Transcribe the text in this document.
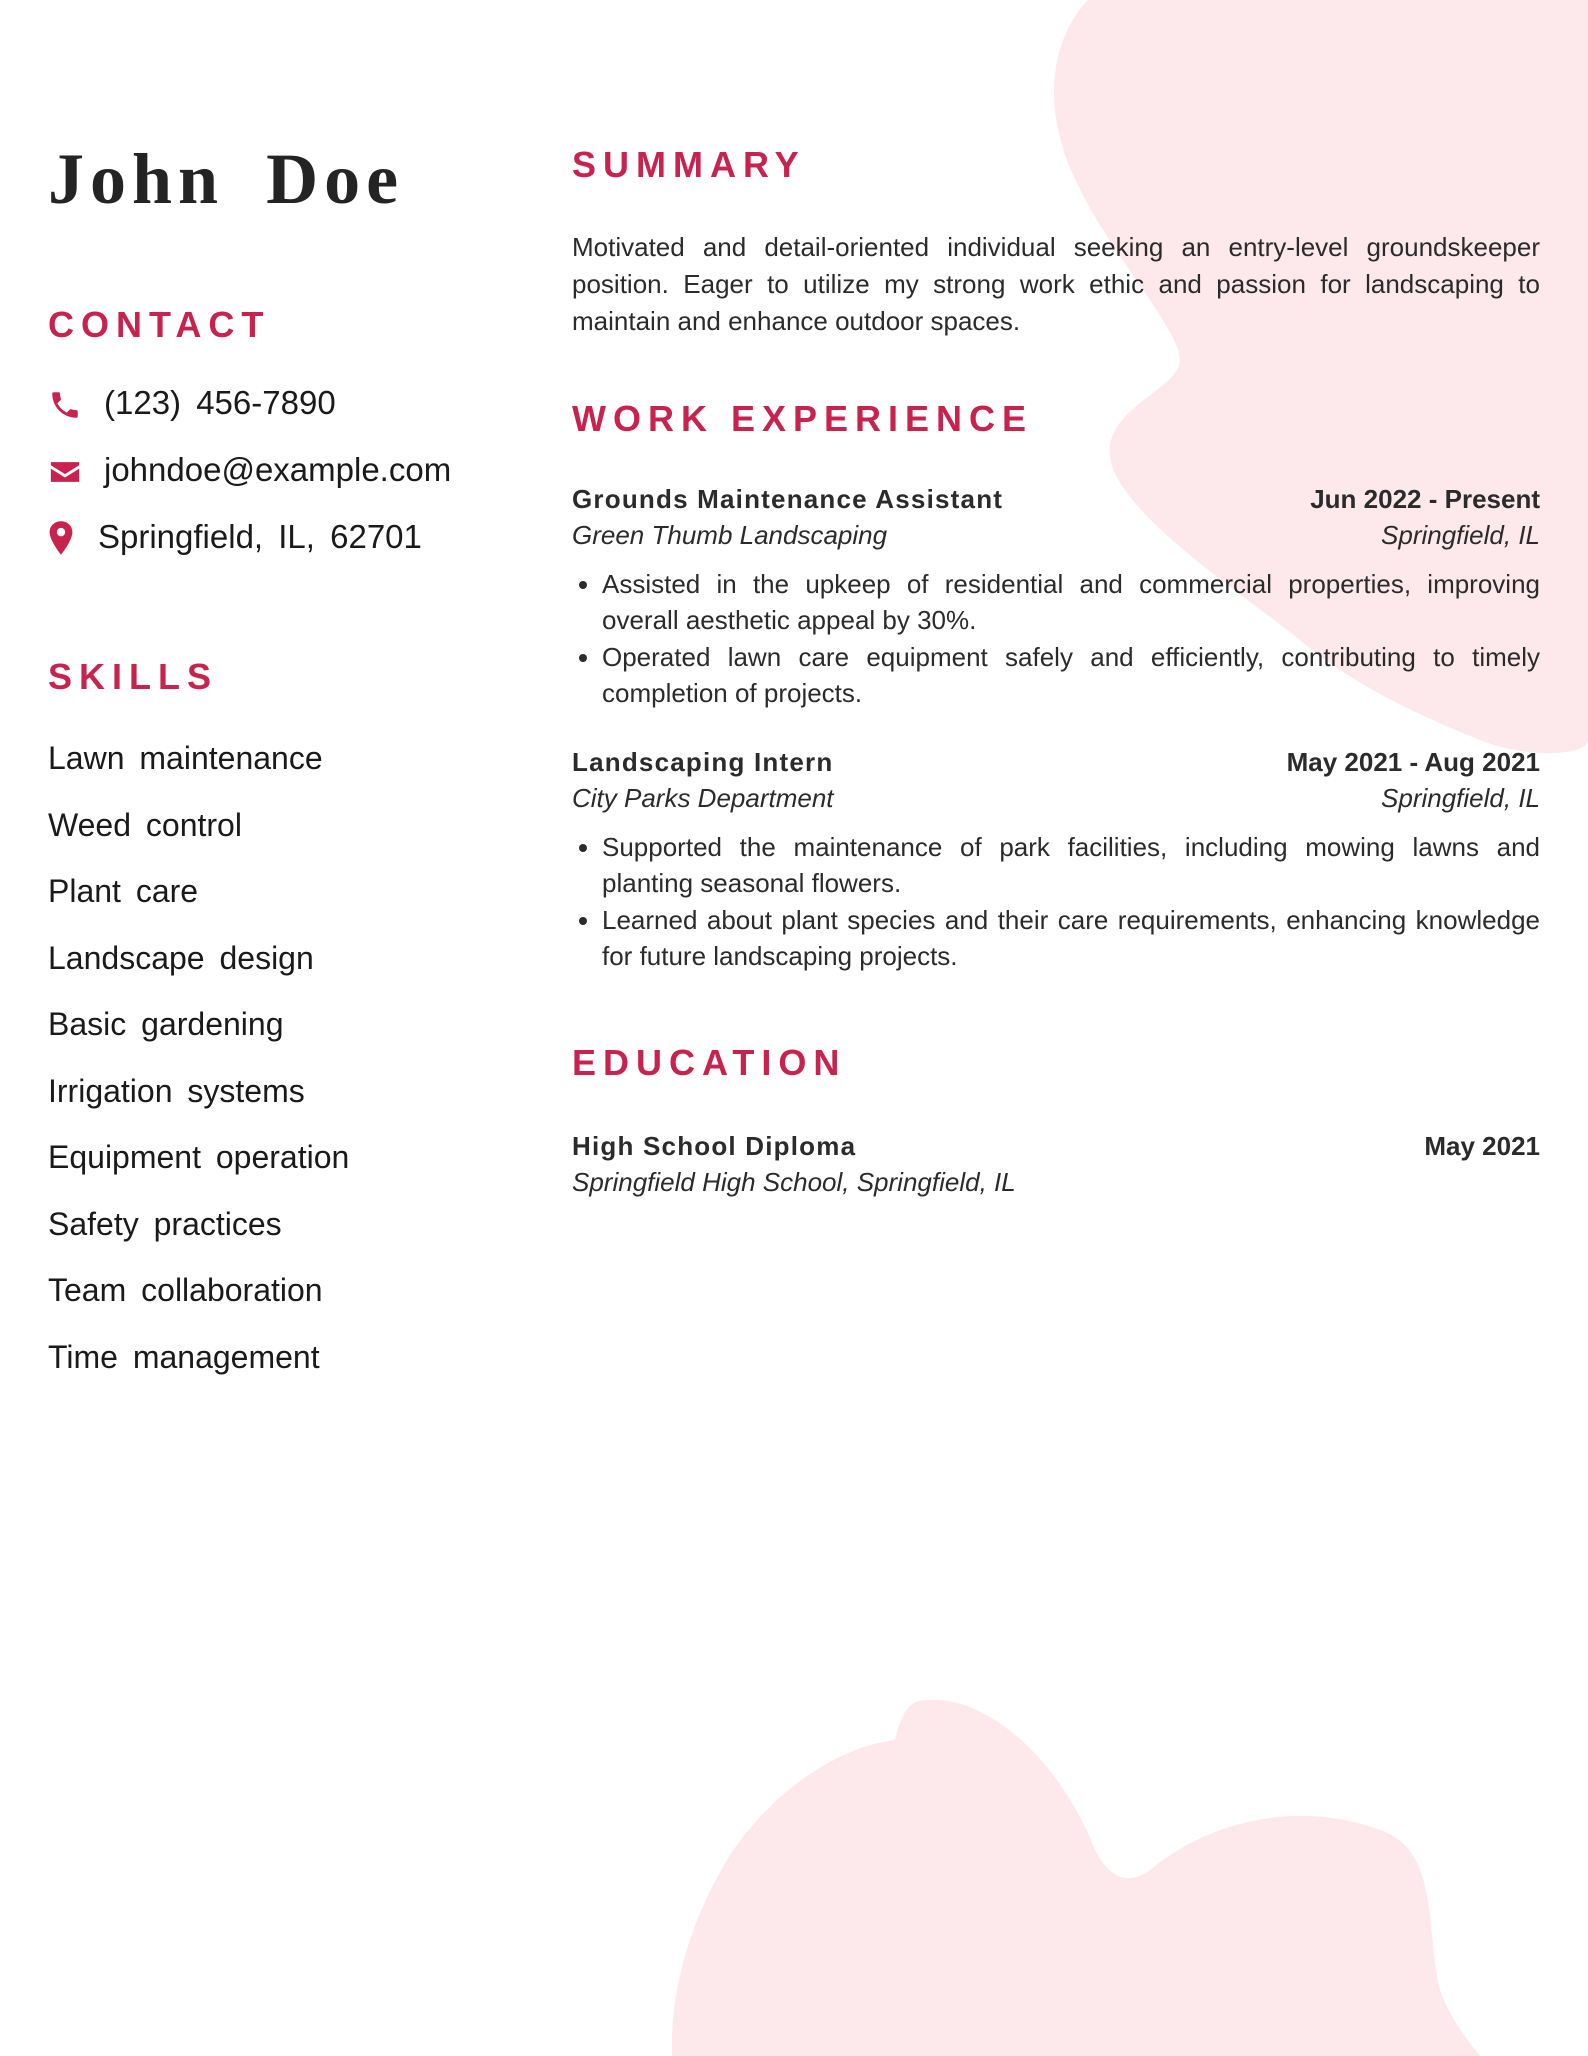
John Doe
CONTACT
(123) 456-7890
johndoe@example.com
Springfield, IL, 62701
SKILLS
Lawn maintenance
Weed control
Plant care
Landscape design
Basic gardening
Irrigation systems
Equipment operation
Safety practices
Team collaboration
Time management
SUMMARY

Motivated and detail-oriented individual seeking an entry-level groundskeeper position. Eager to utilize my strong work ethic and passion for landscaping to maintain and enhance outdoor spaces.

WORK EXPERIENCE
Grounds Maintenance Assistant	Jun 2022 - Present
Green Thumb Landscaping	Springfield, IL
• Assisted in the upkeep of residential and commercial properties, improving overall aesthetic appeal by 30%.
• Operated lawn care equipment safely and efficiently, contributing to timely completion of projects.
Landscaping Intern	May 2021 - Aug 2021
City Parks Department	Springfield, IL
• Supported the maintenance of park facilities, including mowing lawns and planting seasonal flowers.
• Learned about plant species and their care requirements, enhancing knowledge for future landscaping projects.
EDUCATION
High School Diploma	May 2021
Springfield High School, Springfield, IL
